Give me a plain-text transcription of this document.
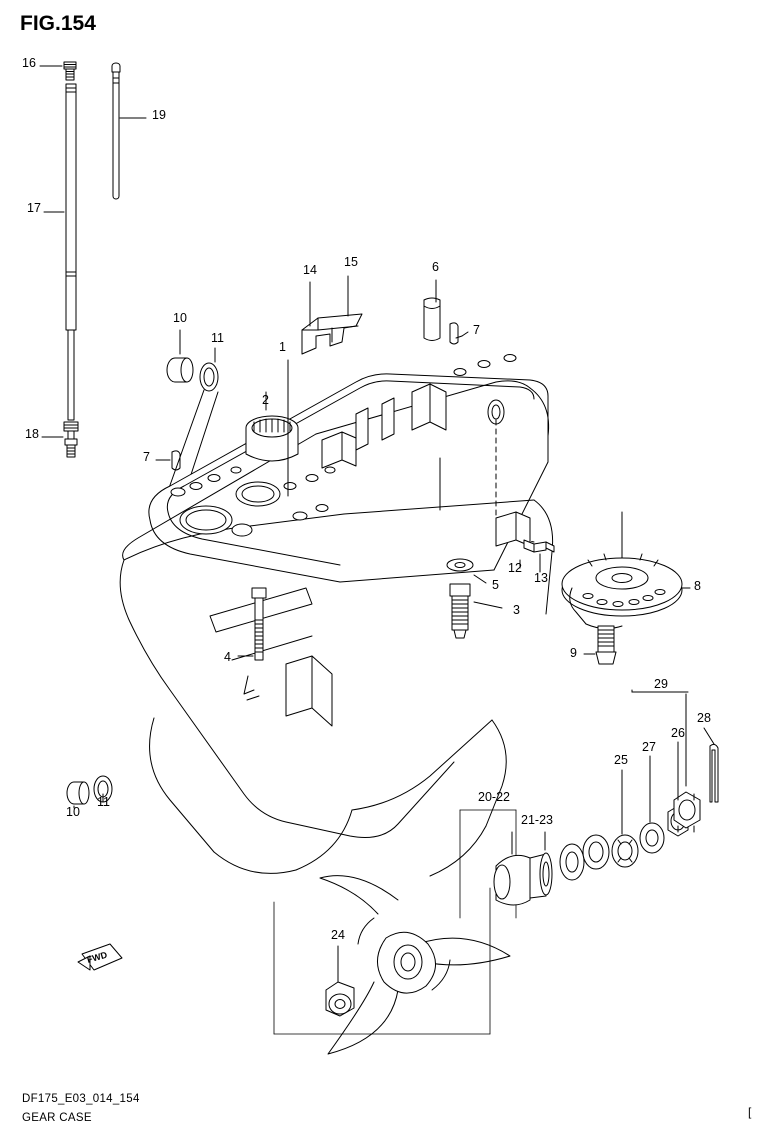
FIG.154
FWD
16
19
17
18
14
15	6
7
10
11
1
2
7
5
12
13
8
3
4	9
29
28
26
27
25
10
11	20-22
21-23
24
DF175_E03_014_154
GEAR CASE	[
